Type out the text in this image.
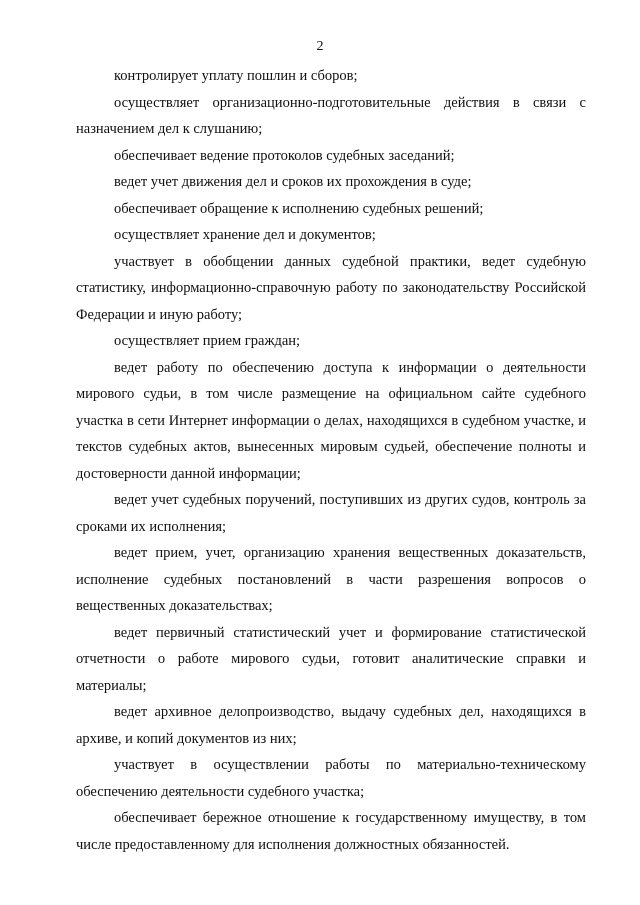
2

контролирует уплату пошлин и сборов;

осуществляет организационно-подготовительные действия в связи с назначением дел к слушанию;

обеспечивает ведение протоколов судебных заседаний;

ведет учет движения дел и сроков их прохождения в суде;

обеспечивает обращение к исполнению судебных решений;

осуществляет хранение дел и документов;

участвует в обобщении данных судебной практики, ведет судебную статистику, информационно-справочную работу по законодательству Российской Федерации и иную работу;

осуществляет прием граждан;

ведет работу по обеспечению доступа к информации о деятельности мирового судьи, в том числе размещение на официальном сайте судебного участка в сети Интернет информации о делах, находящихся в судебном участке, и текстов судебных актов, вынесенных мировым судьей, обеспечение полноты и достоверности данной информации;

ведет учет судебных поручений, поступивших из других судов, контроль за сроками их исполнения;

ведет прием, учет, организацию хранения вещественных доказательств, исполнение судебных постановлений в части разрешения вопросов о вещественных доказательствах;

ведет первичный статистический учет и формирование статистической отчетности о работе мирового судьи, готовит аналитические справки и материалы;

ведет архивное делопроизводство, выдачу судебных дел, находящихся в архиве, и копий документов из них;

участвует в осуществлении работы по материально-техническому обеспечению деятельности судебного участка;

обеспечивает бережное отношение к государственному имуществу, в том числе предоставленному для исполнения должностных обязанностей.
